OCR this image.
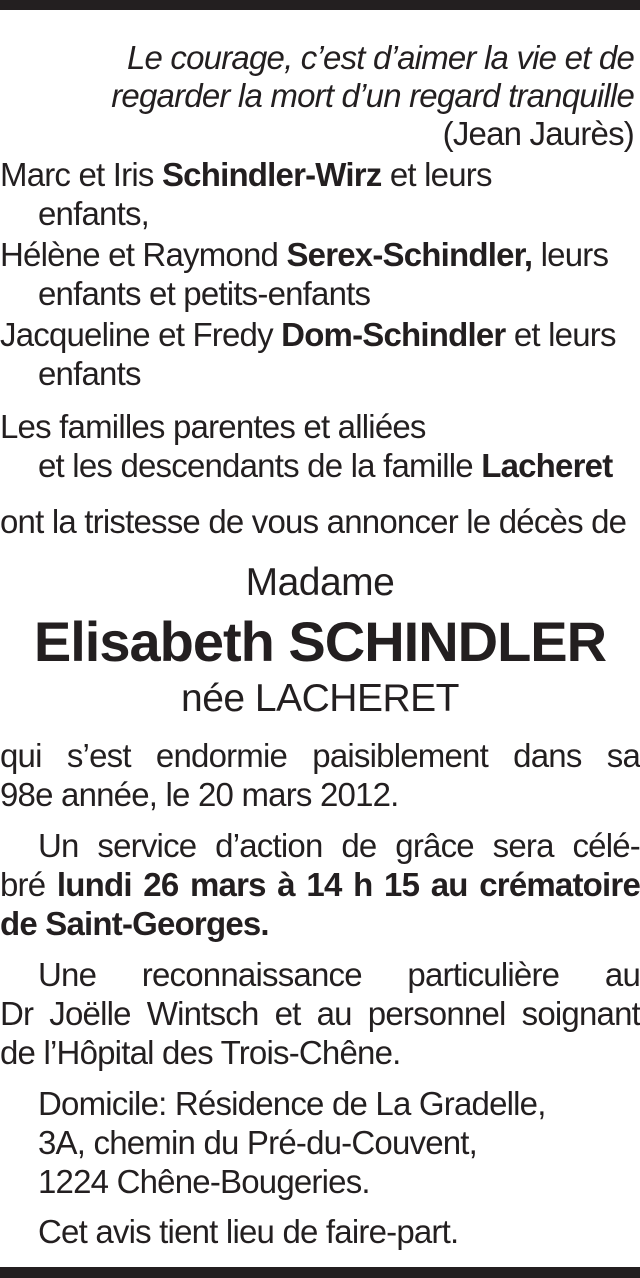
Le courage, c’est d’aimer la vie et de
regarder la mort d’un regard tranquille
(Jean Jaurès)
Marc et Iris Schindler-Wirz et leurs
enfants,
Hélène et Raymond Serex-Schindler, leurs
enfants et petits-enfants
Jacqueline et Fredy Dom-Schindler et leurs
enfants
Les familles parentes et alliées
et les descendants de la famille Lacheret
ont la tristesse de vous annoncer le décès de
Madame
Elisabeth SCHINDLER
née LACHERET
qui s’est endormie paisiblement dans sa
98e année, le 20 mars 2012.
Un service d’action de grâce sera célé-
bré lundi 26 mars à 14 h 15 au crématoire
de Saint-Georges.
Une reconnaissance particulière au
Dr Joëlle Wintsch et au personnel soignant
de l’Hôpital des Trois-Chêne.
Domicile: Résidence de La Gradelle,
3A, chemin du Pré-du-Couvent,
1224 Chêne-Bougeries.
Cet avis tient lieu de faire-part.
